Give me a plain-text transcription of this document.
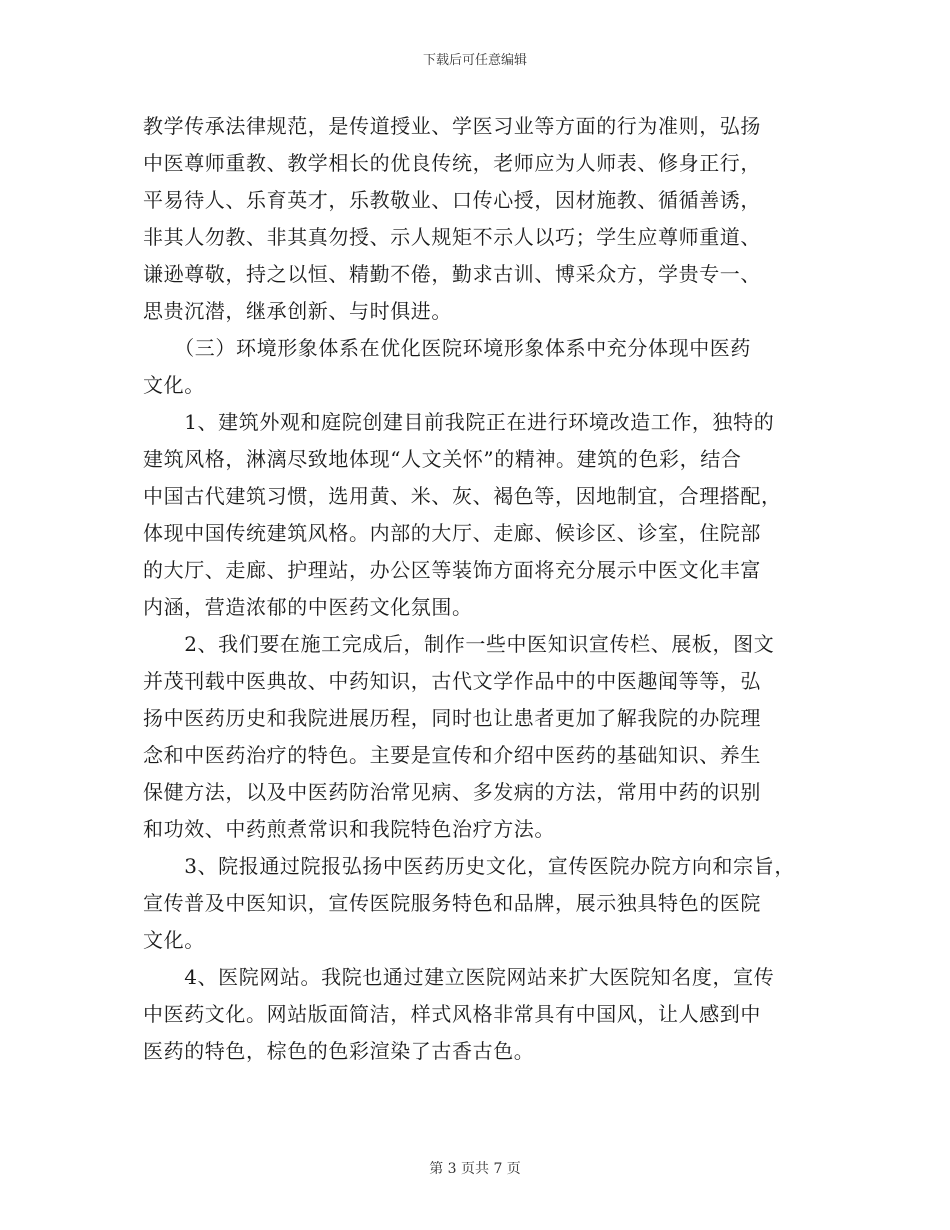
下载后可任意编辑
教学传承法律规范，是传道授业、学医习业等方面的行为准则，弘扬
中医尊师重教、教学相长的优良传统，老师应为人师表、修身正行，
平易待人、乐育英才，乐教敬业、口传心授，因材施教、循循善诱，
非其人勿教、非其真勿授、示人规矩不示人以巧；学生应尊师重道、
谦逊尊敬，持之以恒、精勤不倦，勤求古训、博采众方，学贵专一、
思贵沉潜，继承创新、与时俱进。
　　（三）环境形象体系在优化医院环境形象体系中充分体现中医药
文化。
　　1、建筑外观和庭院创建目前我院正在进行环境改造工作，独特的
建筑风格，淋漓尽致地体现“人文关怀”的精神。建筑的色彩，结合
中国古代建筑习惯，选用黄、米、灰、褐色等，因地制宜，合理搭配，
体现中国传统建筑风格。内部的大厅、走廊、候诊区、诊室，住院部
的大厅、走廊、护理站，办公区等装饰方面将充分展示中医文化丰富
内涵，营造浓郁的中医药文化氛围。
　　2、我们要在施工完成后，制作一些中医知识宣传栏、展板，图文
并茂刊载中医典故、中药知识，古代文学作品中的中医趣闻等等，弘
扬中医药历史和我院进展历程，同时也让患者更加了解我院的办院理
念和中医药治疗的特色。主要是宣传和介绍中医药的基础知识、养生
保健方法，以及中医药防治常见病、多发病的方法，常用中药的识别
和功效、中药煎煮常识和我院特色治疗方法。
　　3、院报通过院报弘扬中医药历史文化，宣传医院办院方向和宗旨，
宣传普及中医知识，宣传医院服务特色和品牌，展示独具特色的医院
文化。
　　4、医院网站。我院也通过建立医院网站来扩大医院知名度，宣传
中医药文化。网站版面简洁，样式风格非常具有中国风，让人感到中
医药的特色，棕色的色彩渲染了古香古色。
第 3 页共 7 页
